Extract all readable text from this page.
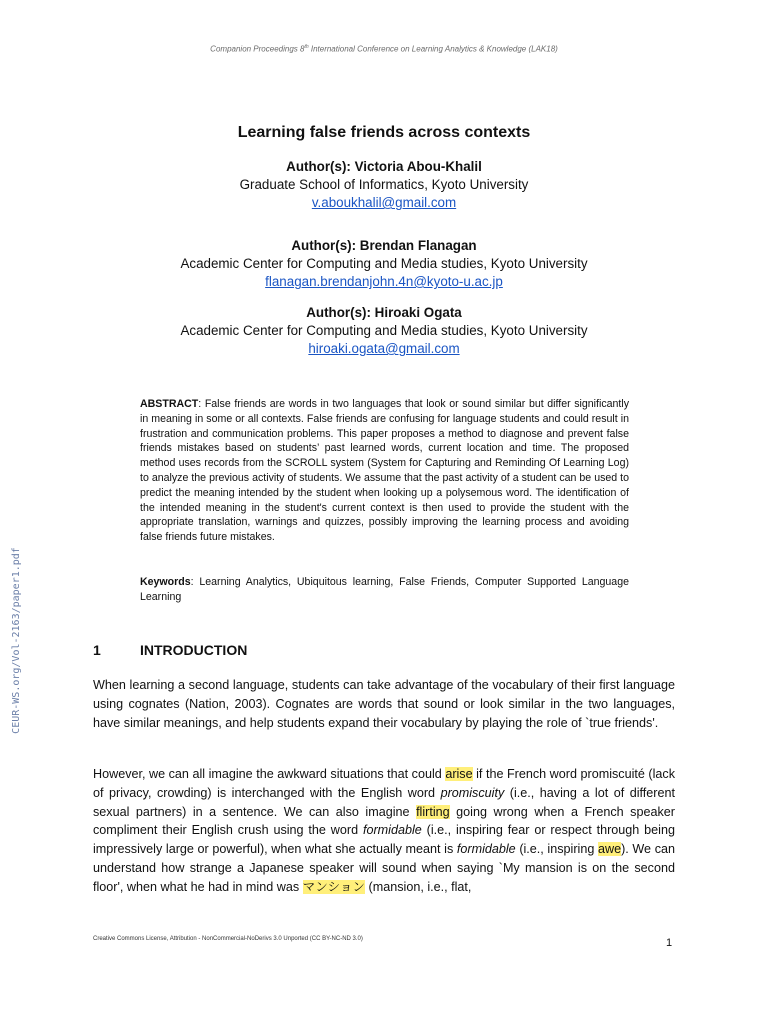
Companion Proceedings 8th International Conference on Learning Analytics & Knowledge (LAK18)
Learning false friends across contexts
Author(s): Victoria Abou-Khalil
Graduate School of Informatics, Kyoto University
v.aboukhalil@gmail.com
Author(s): Brendan Flanagan
Academic Center for Computing and Media studies, Kyoto University
flanagan.brendanjohn.4n@kyoto-u.ac.jp
Author(s): Hiroaki Ogata
Academic Center for Computing and Media studies, Kyoto University
hiroaki.ogata@gmail.com

ABSTRACT: False friends are words in two languages that look or sound similar but differ significantly in meaning in some or all contexts. False friends are confusing for language students and could result in frustration and communication problems. This paper proposes a method to diagnose and prevent false friends mistakes based on students’ past learned words, current location and time. The proposed method uses records from the SCROLL system (System for Capturing and Reminding Of Learning Log) to analyze the previous activity of students. We assume that the past activity of a student can be used to predict the meaning intended by the student when looking up a polysemous word. The identification of the intended meaning in the student's current context is then used to provide the student with the appropriate translation, warnings and quizzes, possibly improving the learning process and avoiding false friends future mistakes.

Keywords: Learning Analytics, Ubiquitous learning, False Friends, Computer Supported Language Learning

CEUR-WS.org/Vol-2163/paper1.pdf	1	INTRODUCTION

When learning a second language, students can take advantage of the vocabulary of their first language using cognates (Nation, 2003). Cognates are words that sound or look similar in the two languages, have similar meanings, and help students expand their vocabulary by playing the role of `true friends'.

However, we can all imagine the awkward situations that could arise if the French word promiscuité (lack of privacy, crowding) is interchanged with the English word promiscuity (i.e., having a lot of different sexual partners) in a sentence. We can also imagine flirting going wrong when a French speaker compliment their English crush using the word formidable (i.e., inspiring fear or respect through being impressively large or powerful), when what she actually meant is formidable (i.e., inspiring awe). We can understand how strange a Japanese speaker will sound when saying `My mansion is on the second floor', when what he had in mind was マンション (mansion, i.e., flat,

Creative Commons License, Attribution - NonCommercial-NoDerivs 3.0 Unported (CC BY-NC-ND 3.0)	1
